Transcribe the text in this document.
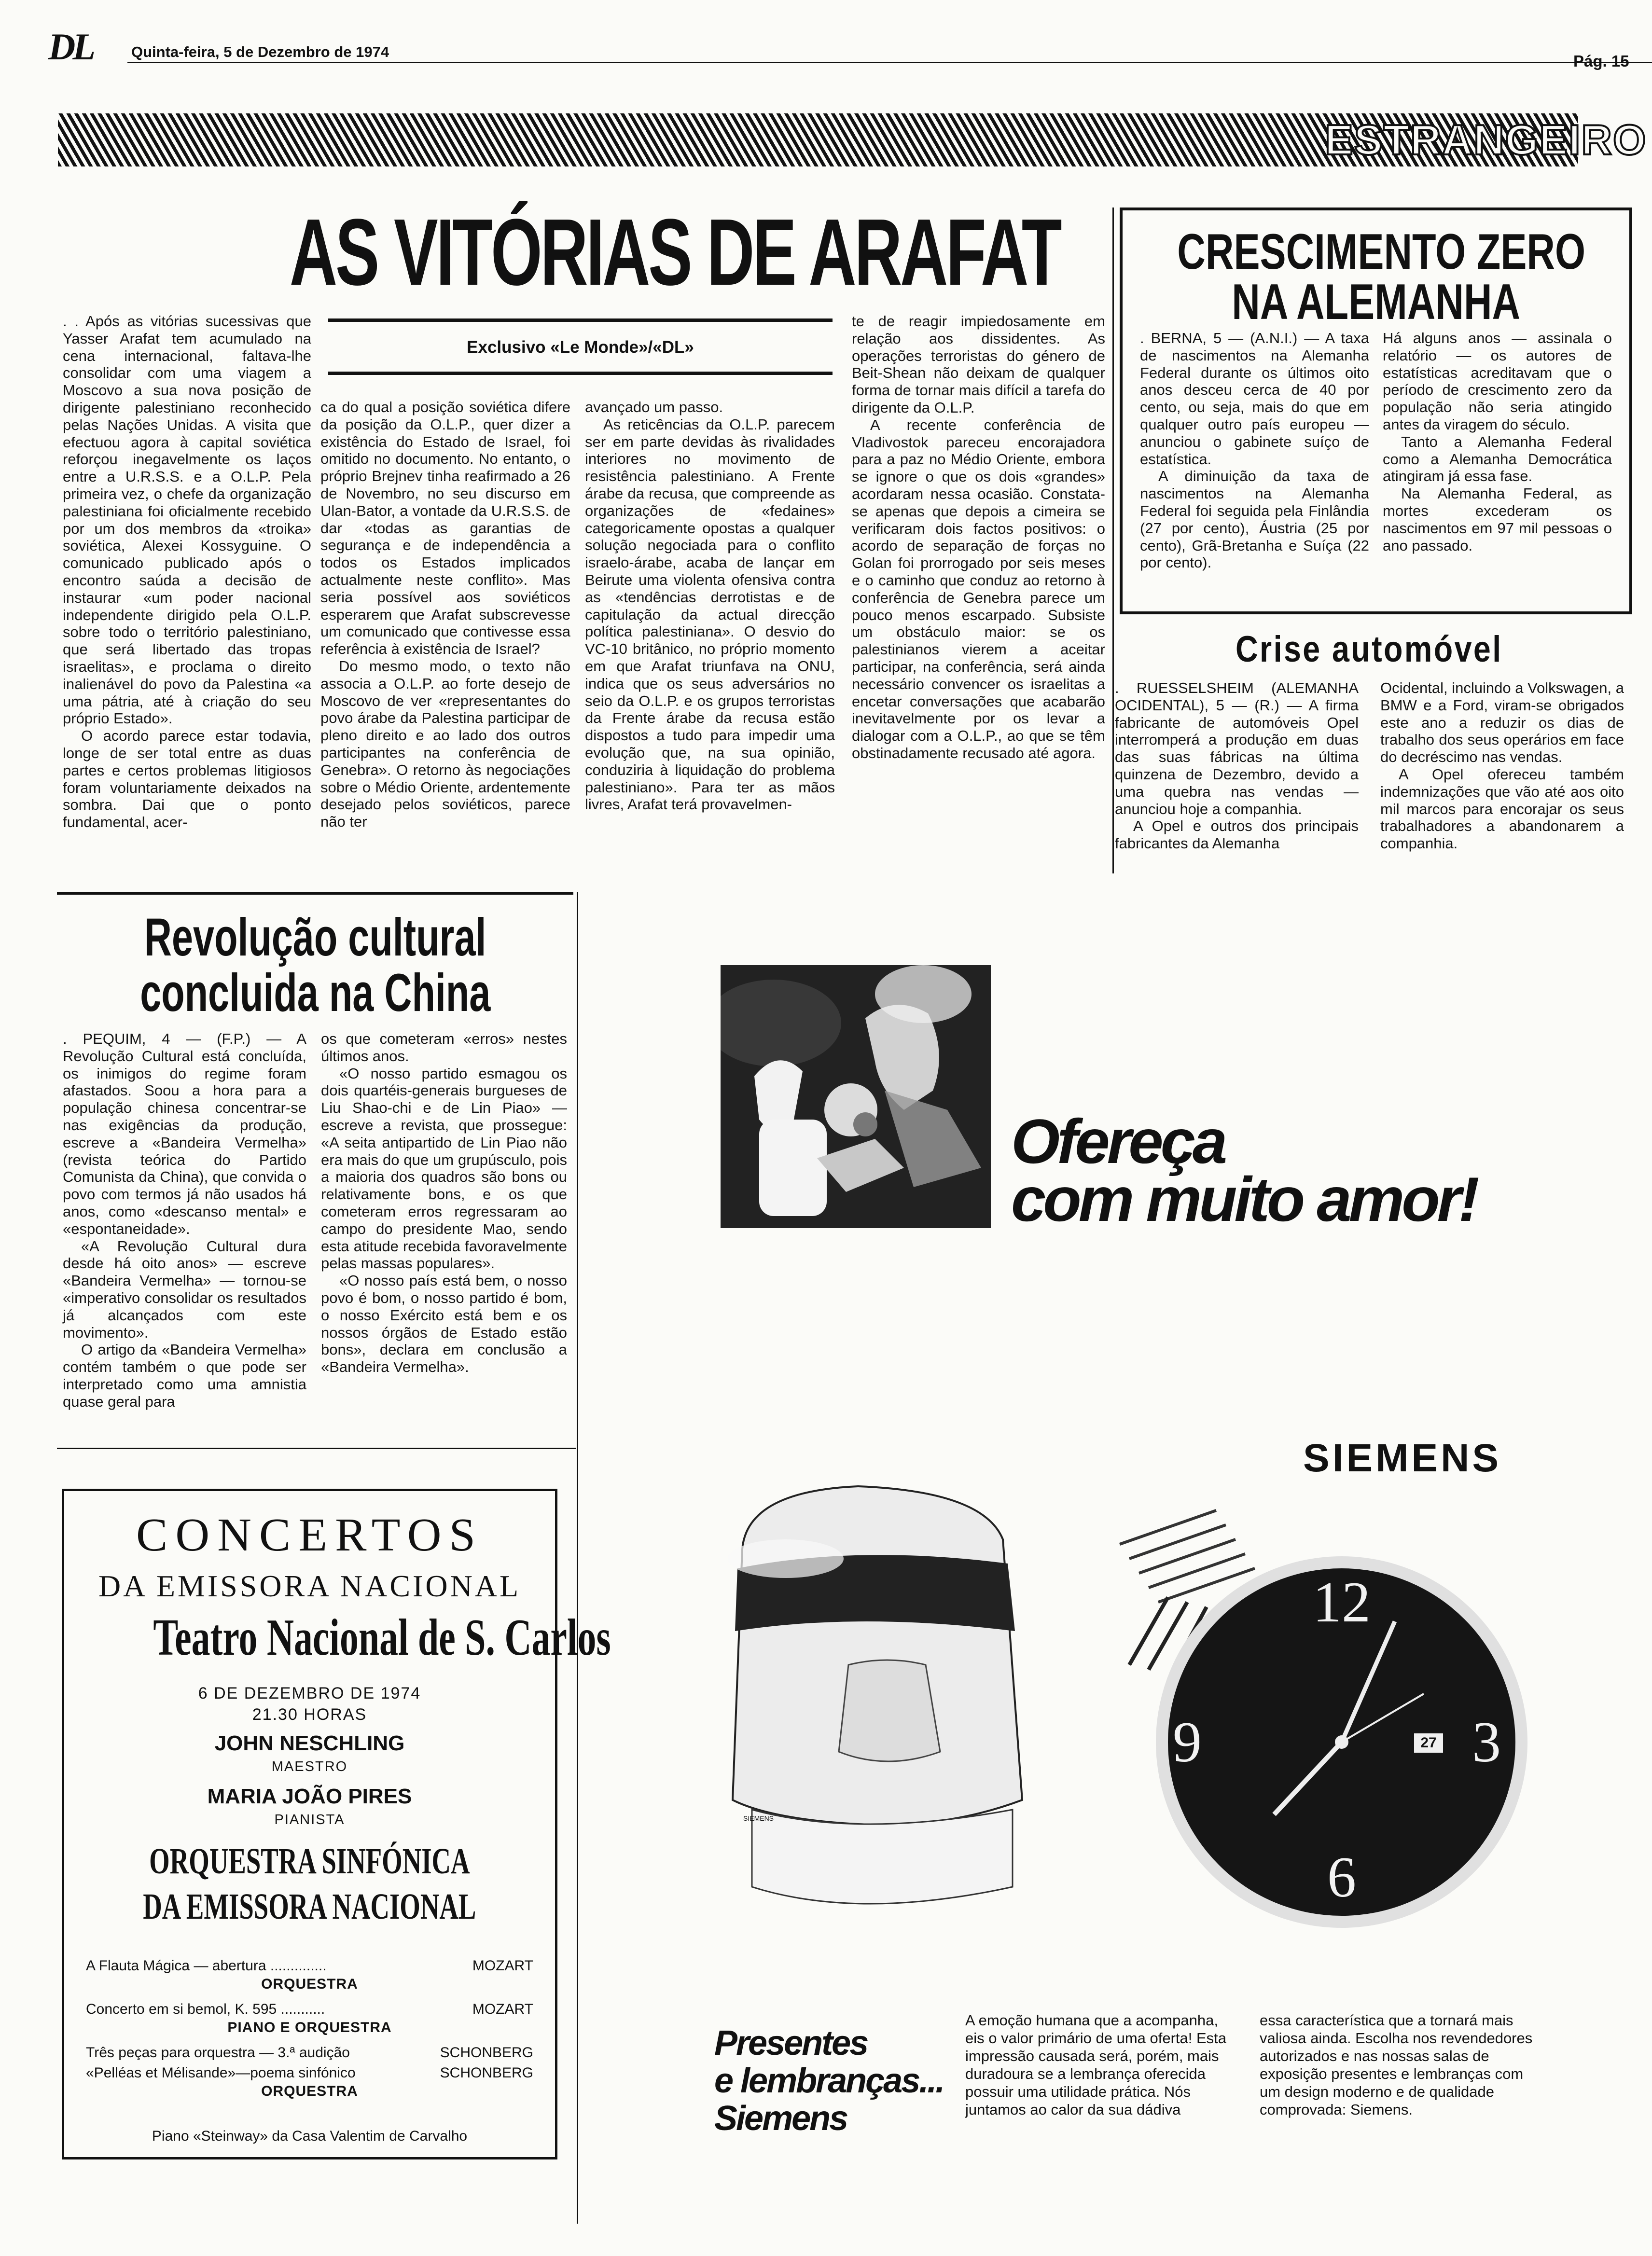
DL	Quinta-feira, 5 de Dezembro de 1974
Pág. 15
ESTRANGEIRO
AS VITÓRIAS DE ARAFAT
Exclusivo «Le Monde»/«DL»

. . Após as vitórias sucessivas que Yasser Arafat tem acumulado na cena internacional, faltava-lhe consolidar com uma viagem a Moscovo a sua nova posição de dirigente palestiniano reconhecido pelas Nações Unidas. A visita que efectuou agora à capital soviética reforçou inegavelmente os laços entre a U.R.S.S. e a O.L.P. Pela primeira vez, o chefe da organização palestiniana foi oficialmente recebido por um dos membros da «troika» soviética, Alexei Kossyguine. O comunicado publicado após o encontro saúda a decisão de instaurar «um poder nacional independente dirigido pela O.L.P. sobre todo o território palestiniano, que será libertado das tropas israelitas», e proclama o direito inalienável do povo da Palestina «a uma pátria, até à criação do seu próprio Estado».

O acordo parece estar todavia, longe de ser total entre as duas partes e certos problemas litigiosos foram voluntariamente deixados na sombra. Dai que o ponto fundamental, acer-

ca do qual a posição soviética difere da posição da O.L.P., quer dizer a existência do Estado de Israel, foi omitido no documento. No entanto, o próprio Brejnev tinha reafirmado a 26 de Novembro, no seu discurso em Ulan-Bator, a vontade da U.R.S.S. de dar «todas as garantias de segurança e de independência a todos os Estados implicados actualmente neste conflito». Mas seria possível aos soviéticos esperarem que Arafat subscrevesse um comunicado que contivesse essa referência à existência de Israel?

Do mesmo modo, o texto não associa a O.L.P. ao forte desejo de Moscovo de ver «representantes do povo árabe da Palestina participar de pleno direito e ao lado dos outros participantes na conferência de Genebra». O retorno às negociações sobre o Médio Oriente, ardentemente desejado pelos soviéticos, parece não ter

avançado um passo.

As reticências da O.L.P. parecem ser em parte devidas às rivalidades interiores no movimento de resistência palestiniano. A Frente árabe da recusa, que compreende as organizações de «fedaines» categoricamente opostas a qualquer solução negociada para o conflito israelo-árabe, acaba de lançar em Beirute uma violenta ofensiva contra as «tendências derrotistas e de capitulação da actual direcção política palestiniana». O desvio do VC-10 britânico, no próprio momento em que Arafat triunfava na ONU, indica que os seus adversários no seio da O.L.P. e os grupos terroristas da Frente árabe da recusa estão dispostos a tudo para impedir uma evolução que, na sua opinião, conduziria à liquidação do problema palestiniano». Para ter as mãos livres, Arafat terá provavelmen-

te de reagir impiedosamente em relação aos dissidentes. As operações terroristas do género de Beit-Shean não deixam de qualquer forma de tornar mais difícil a tarefa do dirigente da O.L.P.

A recente conferência de Vladivostok pareceu encorajadora para a paz no Médio Oriente, embora se ignore o que os dois «grandes» acordaram nessa ocasião. Constata-se apenas que depois a cimeira se verificaram dois factos positivos: o acordo de separação de forças no Golan foi prorrogado por seis meses e o caminho que conduz ao retorno à conferência de Genebra parece um pouco menos escarpado. Subsiste um obstáculo maior: se os palestinianos vierem a aceitar participar, na conferência, será ainda necessário convencer os israelitas a encetar conversações que acabarão inevitavelmente por os levar a dialogar com a O.L.P., ao que se têm obstinadamente recusado até agora.

CRESCIMENTO ZERO
NA ALEMANHA

. BERNA, 5 — (A.N.I.) — A taxa de nascimentos na Alemanha Federal durante os últimos oito anos desceu cerca de 40 por cento, ou seja, mais do que em qualquer outro país europeu — anunciou o gabinete suíço de estatística.

A diminuição da taxa de nascimentos na Alemanha Federal foi seguida pela Finlândia (27 por cento), Áustria (25 por cento), Grã-Bretanha e Suíça (22 por cento).

Há alguns anos — assinala o relatório — os autores de estatísticas acreditavam que o período de crescimento zero da população não seria atingido antes da viragem do século.

Tanto a Alemanha Federal como a Alemanha Democrática atingiram já essa fase.

Na Alemanha Federal, as mortes excederam os nascimentos em 97 mil pessoas o ano passado.

Crise automóvel

. RUESSELSHEIM (ALEMANHA OCIDENTAL), 5 — (R.) — A firma fabricante de automóveis Opel interromperá a produção em duas das suas fábricas na última quinzena de Dezembro, devido a uma quebra nas vendas — anunciou hoje a companhia.

A Opel e outros dos principais fabricantes da Alemanha

Ocidental, incluindo a Volkswagen, a BMW e a Ford, viram-se obrigados este ano a reduzir os dias de trabalho dos seus operários em face do decréscimo nas vendas.

A Opel ofereceu também indemnizações que vão até aos oito mil marcos para encorajar os seus trabalhadores a abandonarem a companhia.

Revolução cultural
concluida na China

. PEQUIM, 4 — (F.P.) — A Revolução Cultural está concluída, os inimigos do regime foram afastados. Soou a hora para a população chinesa concentrar-se nas exigências da produção, escreve a «Bandeira Vermelha» (revista teórica do Partido Comunista da China), que convida o povo com termos já não usados há anos, como «descanso mental» e «espontaneidade».

«A Revolução Cultural dura desde há oito anos» — escreve «Bandeira Vermelha» — tornou-se «imperativo consolidar os resultados já alcançados com este movimento».

O artigo da «Bandeira Vermelha» contém também o que pode ser interpretado como uma amnistia quase geral para

os que cometeram «erros» nestes últimos anos.

«O nosso partido esmagou os dois quartéis-generais burgueses de Liu Shao-chi e de Lin Piao» — escreve a revista, que prossegue: «A seita antipartido de Lin Piao não era mais do que um grupúsculo, pois a maioria dos quadros são bons ou relativamente bons, e os que cometeram erros regressaram ao campo do presidente Mao, sendo esta atitude recebida favoravelmente pelas massas populares».

«O nosso país está bem, o nosso povo é bom, o nosso partido é bom, o nosso Exército está bem e os nossos órgãos de Estado estão bons», declara em conclusão a «Bandeira Vermelha».

CONCERTOS
DA EMISSORA NACIONAL
Teatro Nacional de S. Carlos
6 DE DEZEMBRO DE 1974
21.30 HORAS
JOHN NESCHLING
MAESTRO
MARIA JOÃO PIRES
PIANISTA
ORQUESTRA SINFÓNICA
DA EMISSORA NACIONAL
A Flauta Mágica — abertura ..............	MOZART
ORQUESTRA
Concerto em si bemol, K. 595 ...........	MOZART
PIANO E ORQUESTRA
Três peças para orquestra — 3.ª audição	SCHONBERG
«Pelléas et Mélisande»—poema sinfónico	SCHONBERG
ORQUESTRA
Piano «Steinway» da Casa Valentim de Carvalho
Ofereça
com muito amor!
SIEMENS
SIEMENS
12
3
6
9	27
Presentes
e lembranças...
Siemens
A emoção humana que a acompanha, eis o valor primário de uma oferta! Esta impressão causada será, porém, mais duradoura se a lembrança oferecida possuir uma utilidade prática. Nós juntamos ao calor da sua dádiva
essa característica que a tornará mais valiosa ainda. Escolha nos revendedores autorizados e nas nossas salas de exposição presentes e lembranças com um design moderno e de qualidade comprovada: Siemens.
